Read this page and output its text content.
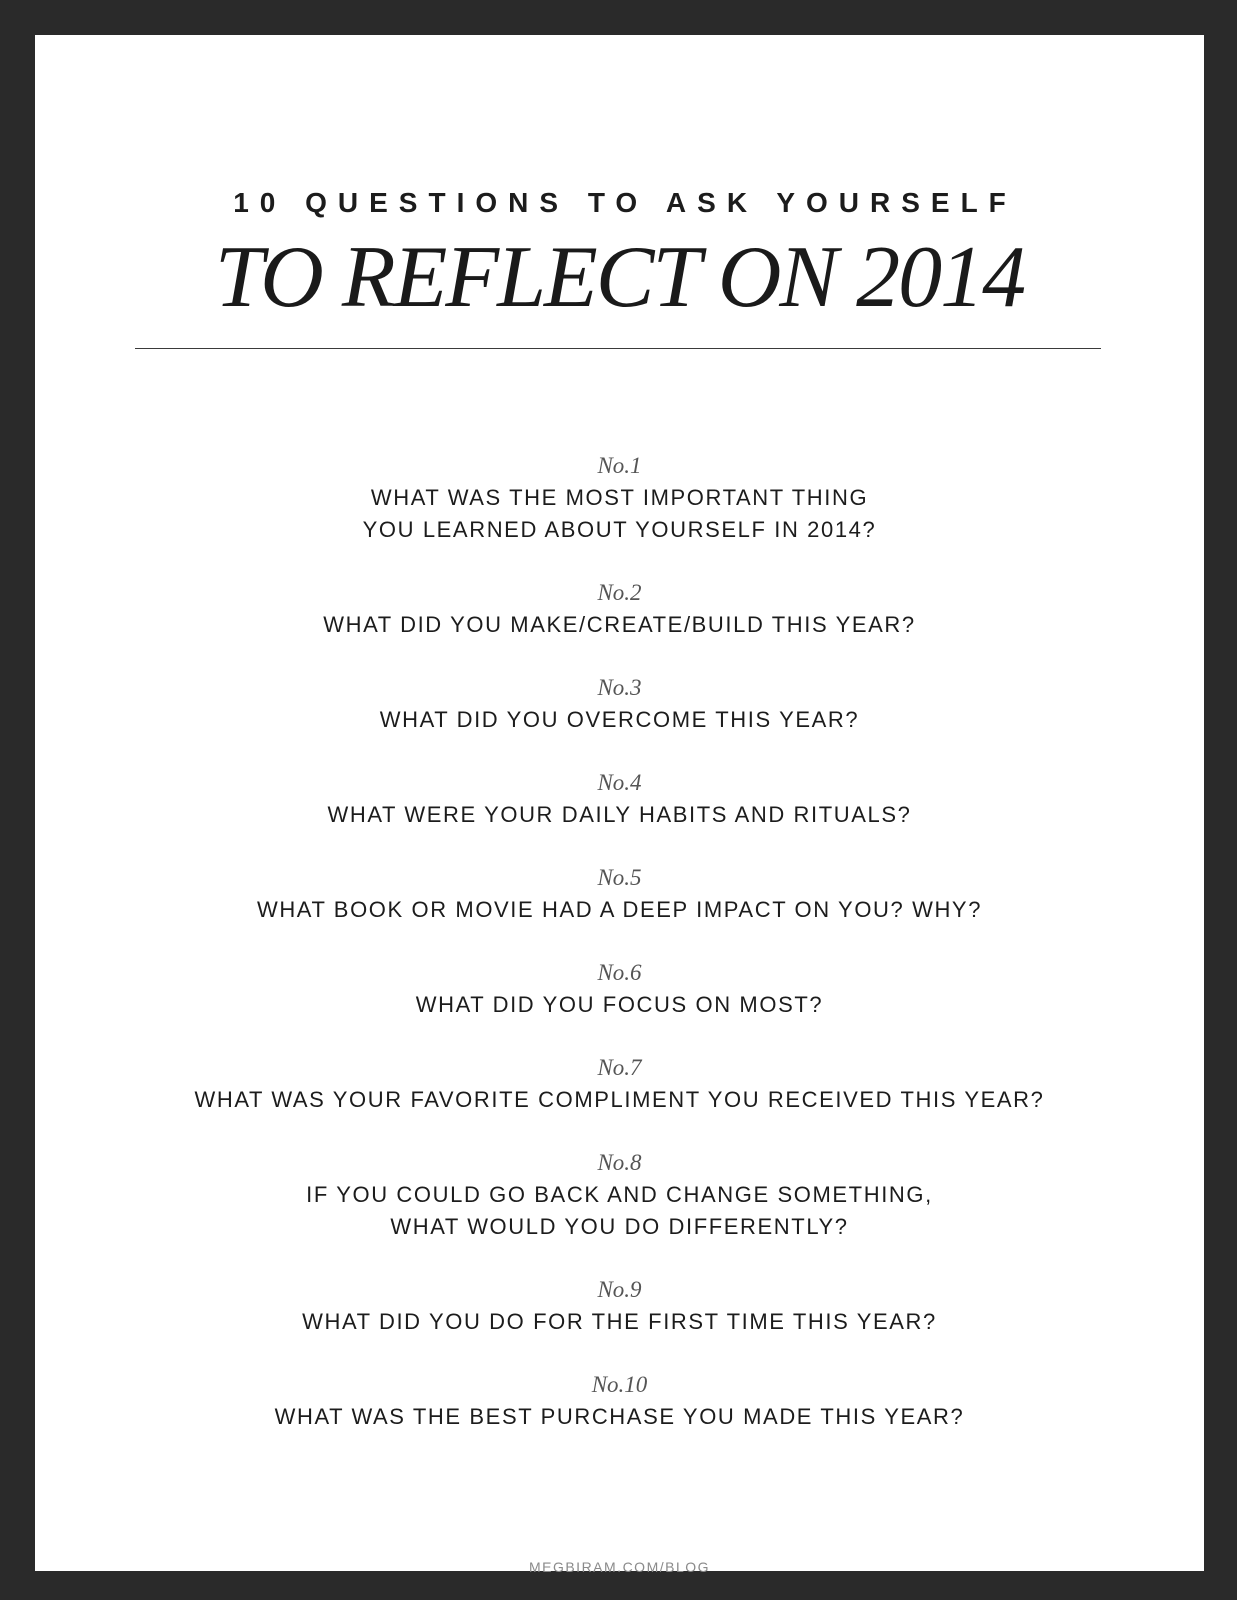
10 QUESTIONS TO ASK YOURSELF
TO REFLECT ON 2014
No.1
WHAT WAS THE MOST IMPORTANT THING
YOU LEARNED ABOUT YOURSELF IN 2014?
No.2
WHAT DID YOU MAKE/CREATE/BUILD THIS YEAR?
No.3
WHAT DID YOU OVERCOME THIS YEAR?
No.4
WHAT WERE YOUR DAILY HABITS AND RITUALS?
No.5
WHAT BOOK OR MOVIE HAD A DEEP IMPACT ON YOU? WHY?
No.6
WHAT DID YOU FOCUS ON MOST?
No.7
WHAT WAS YOUR FAVORITE COMPLIMENT YOU RECEIVED THIS YEAR?
No.8
IF YOU COULD GO BACK AND CHANGE SOMETHING,
WHAT WOULD YOU DO DIFFERENTLY?
No.9
WHAT DID YOU DO FOR THE FIRST TIME THIS YEAR?
No.10
WHAT WAS THE BEST PURCHASE YOU MADE THIS YEAR?
MEGBIRAM.COM/BLOG
